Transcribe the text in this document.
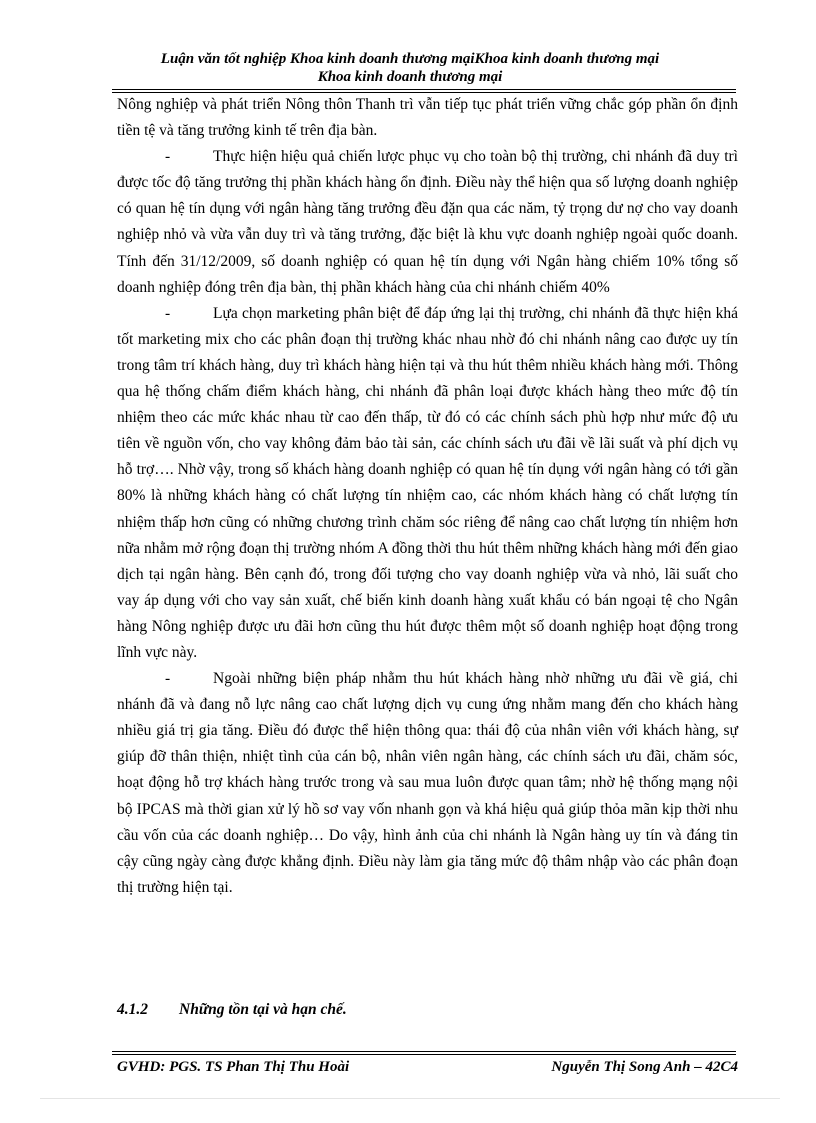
Luận văn tốt nghiệp Khoa kinh doanh thương mạiKhoa kinh doanh thương mại
Khoa kinh doanh thương mại

Nông nghiệp và phát triển Nông thôn Thanh trì vẫn tiếp tục phát triển vững chắc góp phần ổn định tiền tệ và tăng trưởng kinh tế trên địa bàn.

-	Thực hiện hiệu quả chiến lược phục vụ cho toàn bộ thị trường, chi nhánh đã duy trì được tốc độ tăng trưởng thị phần khách hàng ổn định. Điều này thể hiện qua số lượng doanh nghiệp có quan hệ tín dụng với ngân hàng tăng trưởng đều đặn qua các năm, tỷ trọng dư nợ cho vay doanh nghiệp nhỏ và vừa vẫn duy trì và tăng trưởng, đặc biệt là khu vực doanh nghiệp ngoài quốc doanh. Tính đến 31/12/2009, số doanh nghiệp có quan hệ tín dụng với Ngân hàng chiếm 10% tổng số doanh nghiệp đóng trên địa bàn, thị phần khách hàng của chi nhánh chiếm 40%

-	Lựa chọn marketing phân biệt để đáp ứng lại thị trường, chi nhánh đã thực hiện khá tốt marketing mix cho các phân đoạn thị trường khác nhau nhờ đó chi nhánh nâng cao được uy tín trong tâm trí khách hàng, duy trì khách hàng hiện tại và thu hút thêm nhiều khách hàng mới. Thông qua hệ thống chấm điểm khách hàng, chi nhánh đã phân loại được khách hàng theo mức độ tín nhiệm theo các mức khác nhau từ cao đến thấp, từ đó có các chính sách phù hợp như mức độ ưu tiên về nguồn vốn, cho vay không đảm bảo tài sản, các chính sách ưu đãi về lãi suất và phí dịch vụ hỗ trợ…. Nhờ vậy, trong số khách hàng doanh nghiệp có quan hệ tín dụng với ngân hàng có tới gần 80% là những khách hàng có chất lượng tín nhiệm cao, các nhóm khách hàng có chất lượng tín nhiệm thấp hơn cũng có những chương trình chăm sóc riêng để nâng cao chất lượng tín nhiệm hơn nữa nhằm mở rộng đoạn thị trường nhóm A đồng thời thu hút thêm những khách hàng mới đến giao dịch tại ngân hàng. Bên cạnh đó, trong đối tượng cho vay doanh nghiệp vừa và nhỏ, lãi suất cho vay áp dụng với cho vay sản xuất, chế biến kinh doanh hàng xuất khẩu có bán ngoại tệ cho Ngân hàng Nông nghiệp được ưu đãi hơn cũng thu hút được thêm một số doanh nghiệp hoạt động trong lĩnh vực này.

-	Ngoài những biện pháp nhằm thu hút khách hàng nhờ những ưu đãi về giá, chi nhánh đã và đang nỗ lực nâng cao chất lượng dịch vụ cung ứng nhằm mang đến cho khách hàng nhiều giá trị gia tăng. Điều đó được thể hiện thông qua: thái độ của nhân viên với khách hàng, sự giúp đỡ thân thiện, nhiệt tình của cán bộ, nhân viên ngân hàng, các chính sách ưu đãi, chăm sóc, hoạt động hỗ trợ khách hàng trước trong và sau mua luôn được quan tâm; nhờ hệ thống mạng nội bộ IPCAS mà thời gian xử lý hồ sơ vay vốn nhanh gọn và khá hiệu quả giúp thỏa mãn kịp thời nhu cầu vốn của các doanh nghiệp… Do vậy, hình ảnh của chi nhánh là Ngân hàng uy tín và đáng tin cậy cũng ngày càng được khẳng định. Điều này làm gia tăng mức độ thâm nhập vào các phân đoạn thị trường hiện tại.

4.1.2 Những tồn tại và hạn chế.
GVHD: PGS. TS Phan Thị Thu Hoài	Nguyễn Thị Song Anh – 42C4
